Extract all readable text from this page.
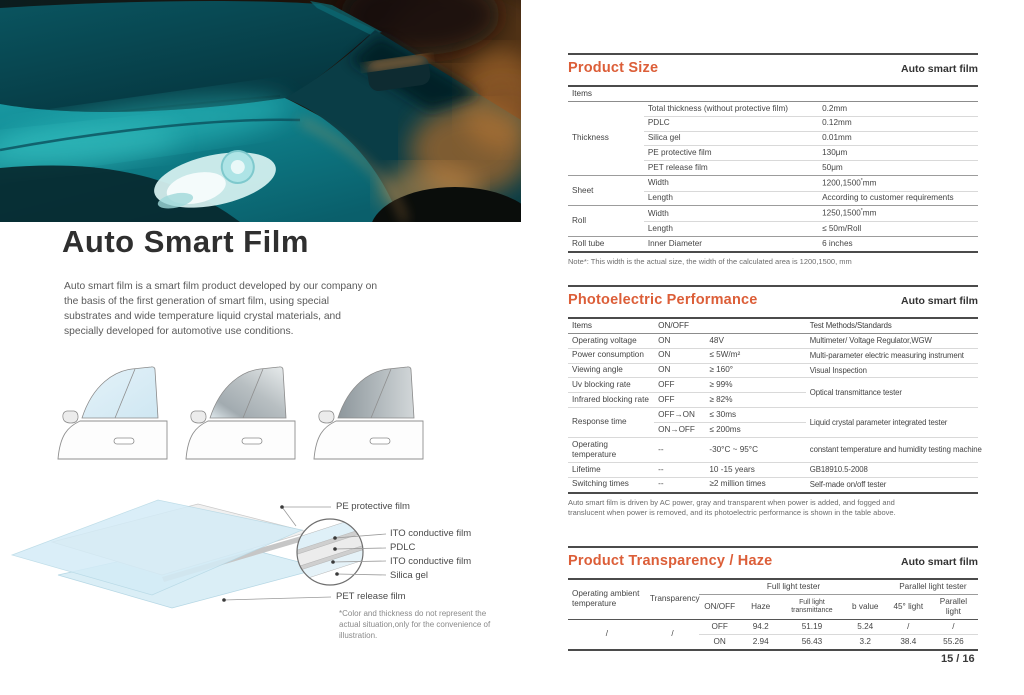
Auto Smart Film
Auto smart film is a smart film product developed by our company on the basis of the first generation of smart film, using special substrates and wide temperature liquid crystal materials, and specially developed for automotive use conditions.
PE protective film
ITO conductive film
PDLC
ITO conductive film
Silica gel
PET release film
*Color and thickness do not represent the actual situation,only for the convenience of illustration.
Product Size	Auto smart film
Items		
Thickness	Total thickness (without protective film)	0.2mm
	PDLC	0.12mm
	Silica gel	0.01mm
	PE protective film	130μm
	PET release film	50μm
Sheet	Width	1200,1500*mm
	Length	According to customer requirements
Roll	Width	1250,1500*mm
	Length	≤ 50m/Roll
Roll tube	Inner Diameter	6 inches
Note*: This width is the actual size, the width of the calculated area is 1200,1500, mm
Photoelectric Performance	Auto smart film
Items	ON/OFF		Test Methods/Standards
Operating voltage	ON	48V	Multimeter/ Voltage Regulator,WGW
Power consumption	ON	≤ 5W/m²	Multi-parameter electric measuring instrument
Viewing angle	ON	≥ 160°	Visual Inspection
Uv blocking rate	OFF	≥ 99%	Optical transmittance tester
Infrared blocking rate	OFF	≥ 82%	
Response time	OFF→ON	≤ 30ms	Liquid crystal parameter integrated tester
	ON→OFF	≤ 200ms	
Operating temperature	--	-30°C ~ 95°C	constant temperature and humidity testing machine
Lifetime	--	10 -15 years	GB18910.5-2008
Switching times	--	≥2 million times	Self-made on/off tester
Auto smart film is driven by AC power, gray and transparent when power is added, and fogged and translucent when power is removed, and its photoelectric performance is shown in the table above.
Product Transparency / Haze	Auto smart film
Operating ambient temperature	Transparency	Full light tester				Parallel light tester	
		ON/OFF	Haze	Full light transmittance	b value	45° light	Parallel light
/	/	OFF	94.2	51.19	5.24	/	/
		ON	2.94	56.43	3.2	38.4	55.26
15 / 16
